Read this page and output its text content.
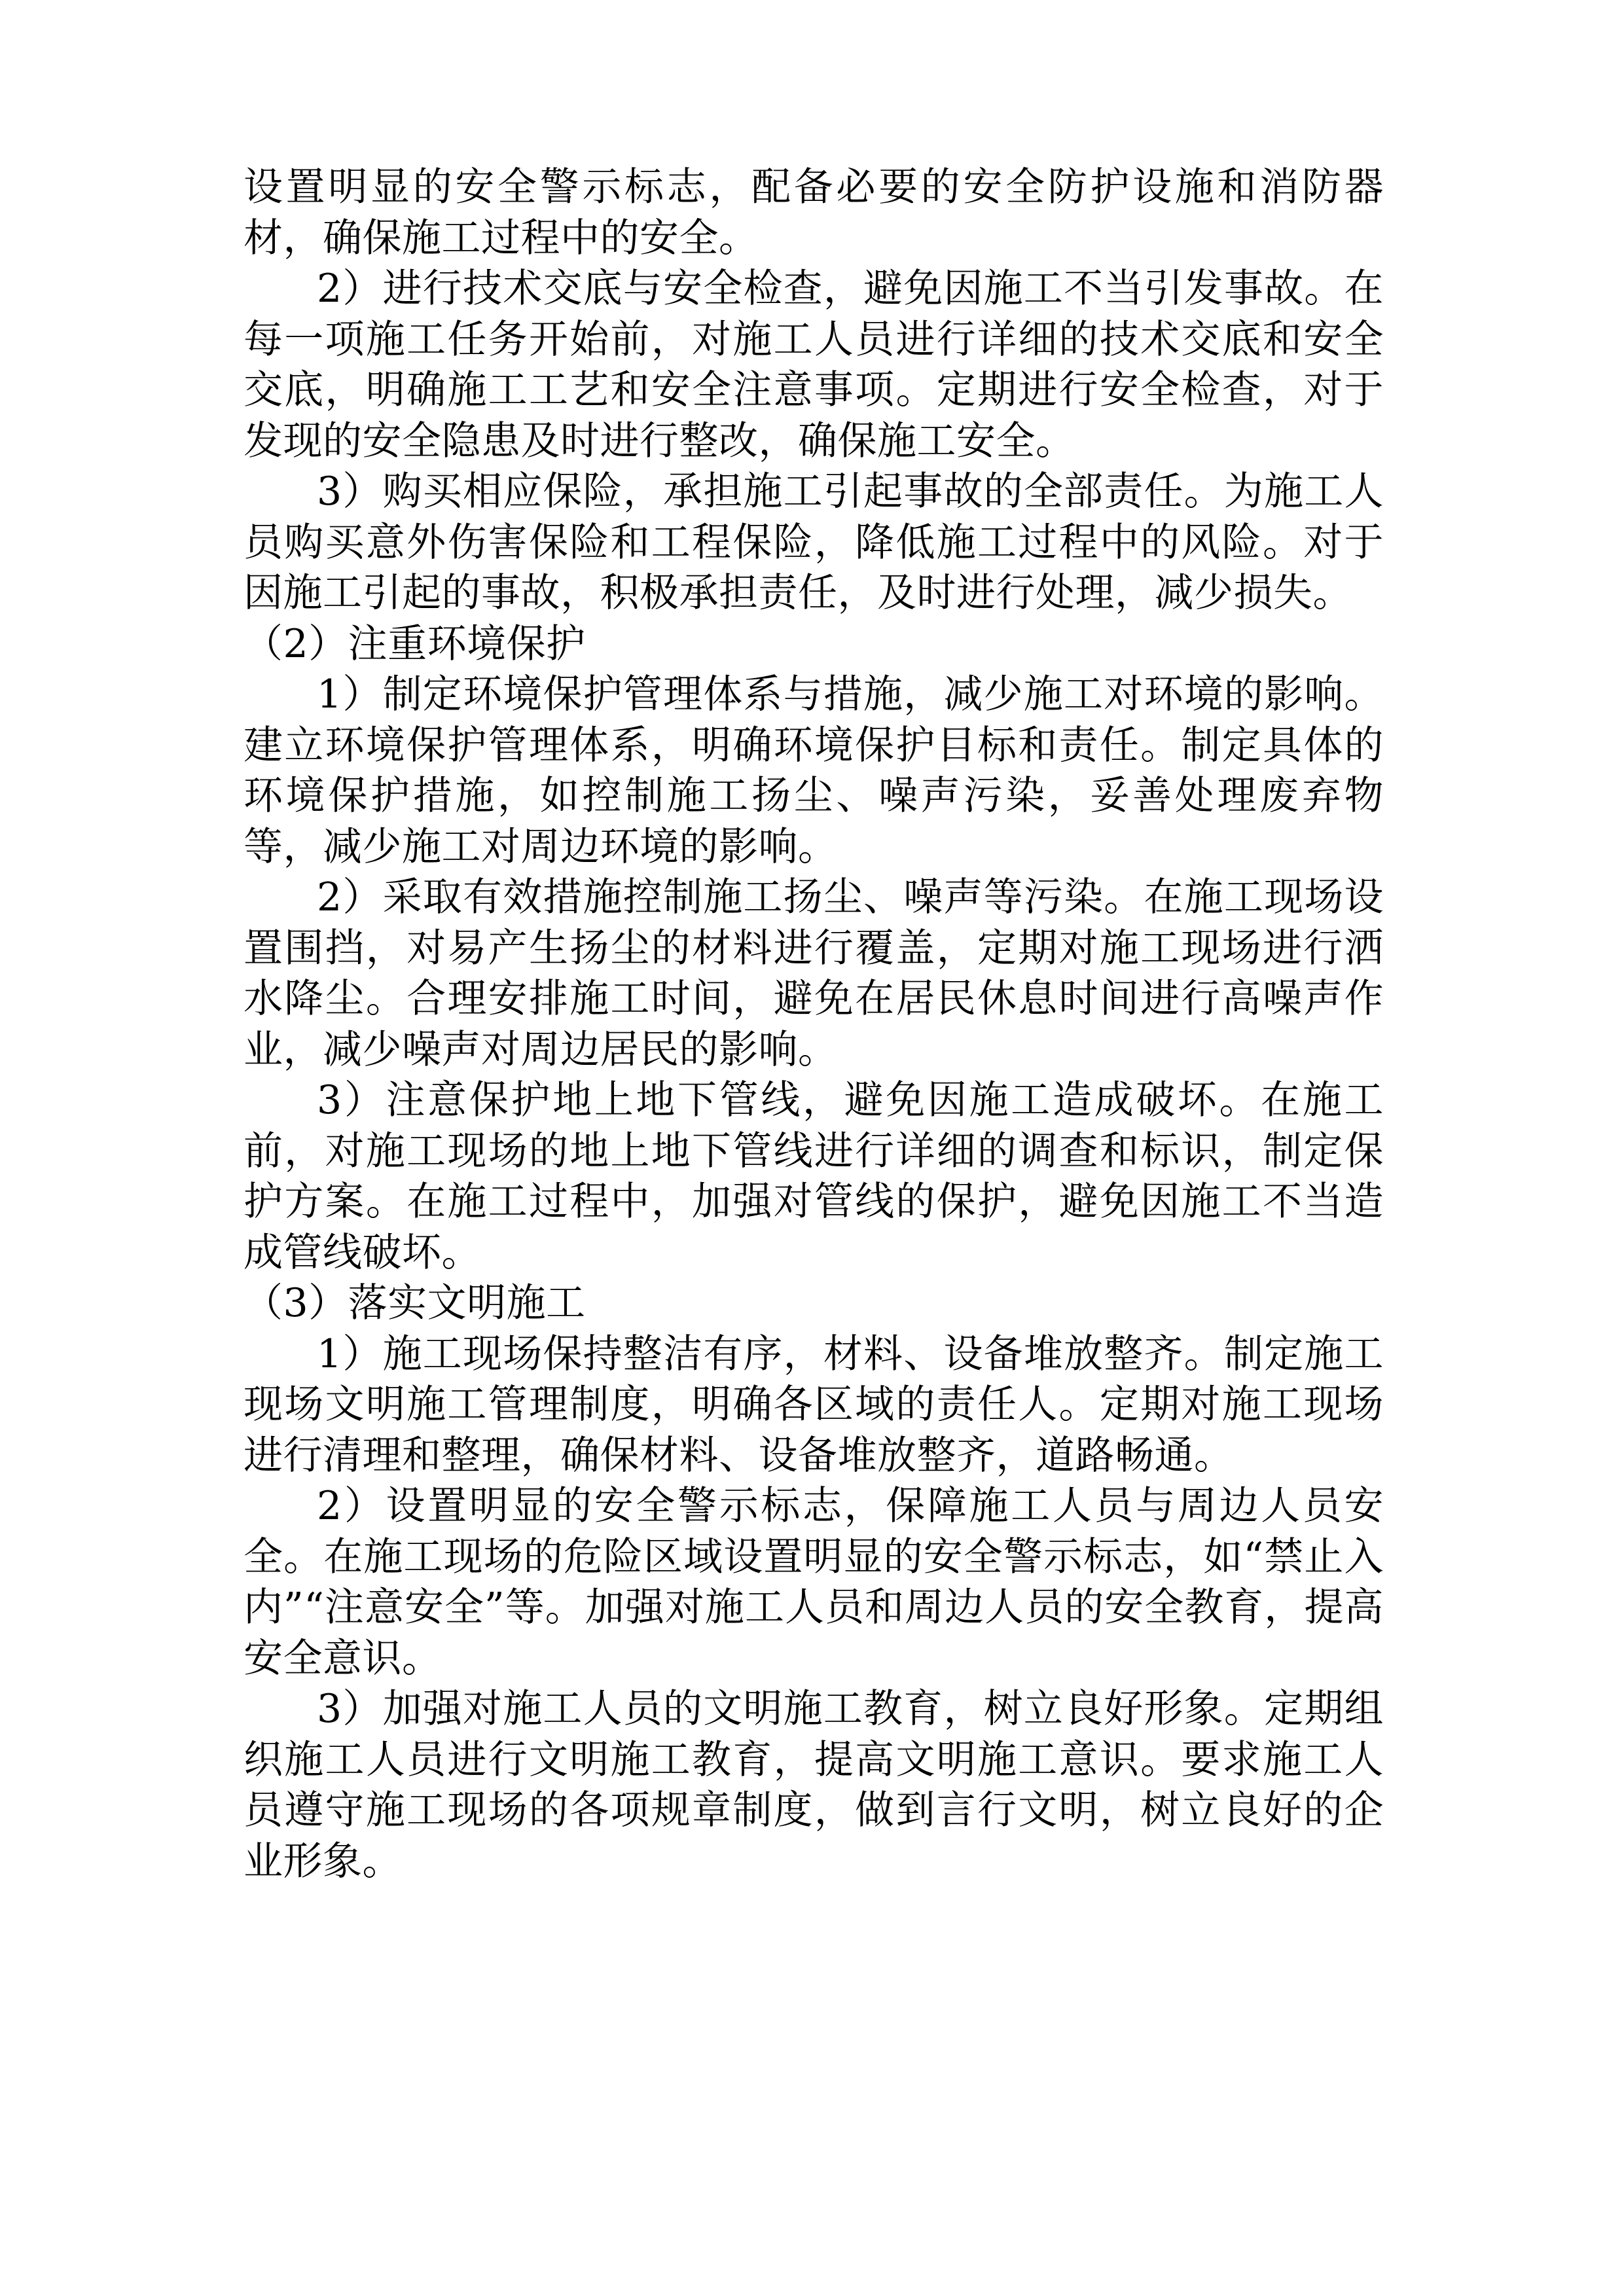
设置明显的安全警示标志，配备必要的安全防护设施和消防器材，确保施工过程中的安全。

2）进行技术交底与安全检查，避免因施工不当引发事故。在每一项施工任务开始前，对施工人员进行详细的技术交底和安全交底，明确施工工艺和安全注意事项。定期进行安全检查，对于发现的安全隐患及时进行整改，确保施工安全。

3）购买相应保险，承担施工引起事故的全部责任。为施工人员购买意外伤害保险和工程保险，降低施工过程中的风险。对于因施工引起的事故，积极承担责任，及时进行处理，减少损失。

（2）注重环境保护

1）制定环境保护管理体系与措施，减少施工对环境的影响。建立环境保护管理体系，明确环境保护目标和责任。制定具体的环境保护措施，如控制施工扬尘、噪声污染，妥善处理废弃物等，减少施工对周边环境的影响。

2）采取有效措施控制施工扬尘、噪声等污染。在施工现场设置围挡，对易产生扬尘的材料进行覆盖，定期对施工现场进行洒水降尘。合理安排施工时间，避免在居民休息时间进行高噪声作业，减少噪声对周边居民的影响。

3）注意保护地上地下管线，避免因施工造成破坏。在施工前，对施工现场的地上地下管线进行详细的调查和标识，制定保护方案。在施工过程中，加强对管线的保护，避免因施工不当造成管线破坏。

（3）落实文明施工

1）施工现场保持整洁有序，材料、设备堆放整齐。制定施工现场文明施工管理制度，明确各区域的责任人。定期对施工现场进行清理和整理，确保材料、设备堆放整齐，道路畅通。

2）设置明显的安全警示标志，保障施工人员与周边人员安全。在施工现场的危险区域设置明显的安全警示标志，如“禁止入内”“注意安全”等。加强对施工人员和周边人员的安全教育，提高安全意识。

3）加强对施工人员的文明施工教育，树立良好形象。定期组织施工人员进行文明施工教育，提高文明施工意识。要求施工人员遵守施工现场的各项规章制度，做到言行文明，树立良好的企业形象。
